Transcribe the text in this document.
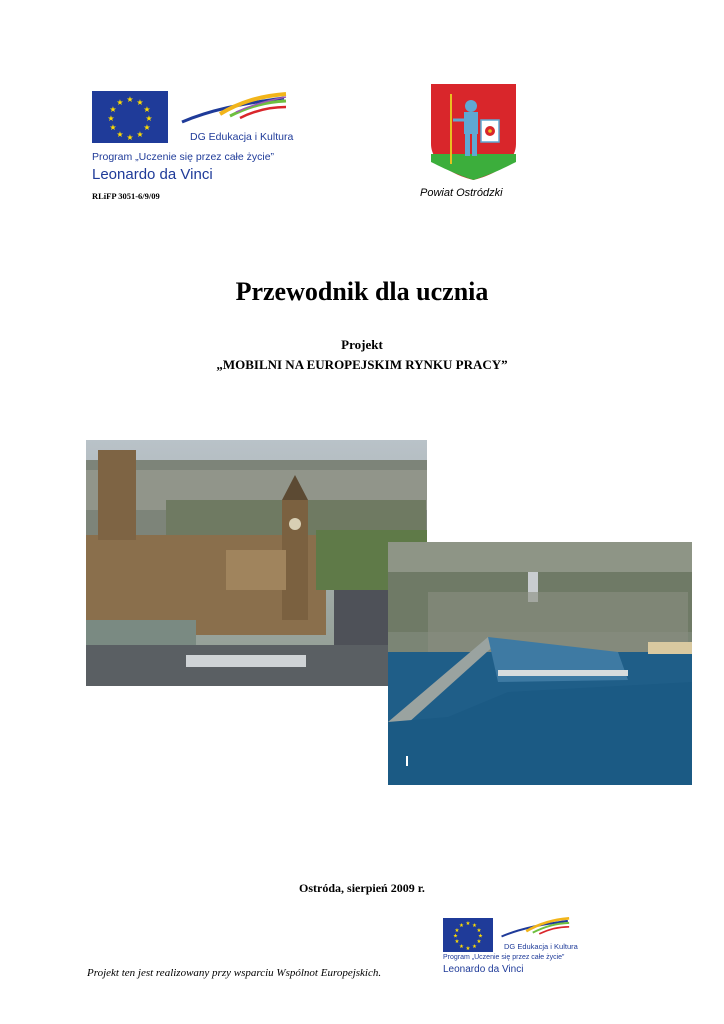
★ ★
★
★
★
★
★
★
★
★
★
★
DG Edukacja i Kultura
Program „Uczenie się przez całe życie”
Leonardo da Vinci
RLiFP 3051-6/9/09	Powiat Ostródzki
Przewodnik dla ucznia
Projekt
„MOBILNI NA EUROPEJSKIM RYNKU PRACY”
Ostróda, sierpień 2009 r.
Projekt ten jest realizowany przy wsparciu Wspólnot Europejskich.
★ ★
★
★
★
★
★
★
★
★
★
★
DG Edukacja i Kultura
Program „Uczenie się przez całe życie”
Leonardo da Vinci
